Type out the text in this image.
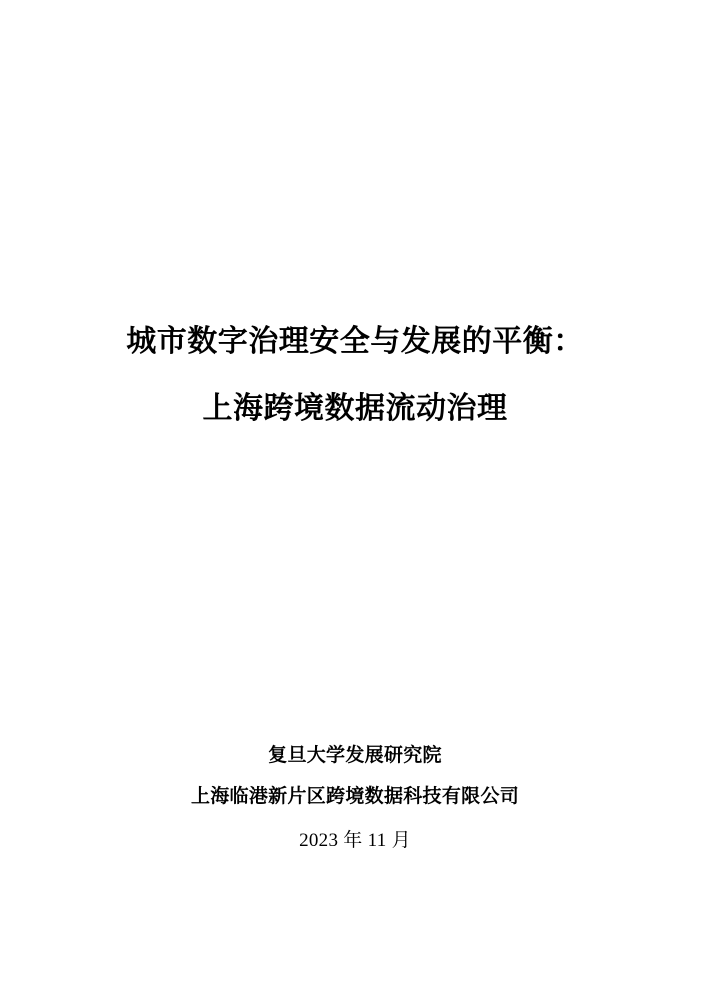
城市数字治理安全与发展的平衡：
上海跨境数据流动治理
复旦大学发展研究院
上海临港新片区跨境数据科技有限公司
2023 年 11 月
